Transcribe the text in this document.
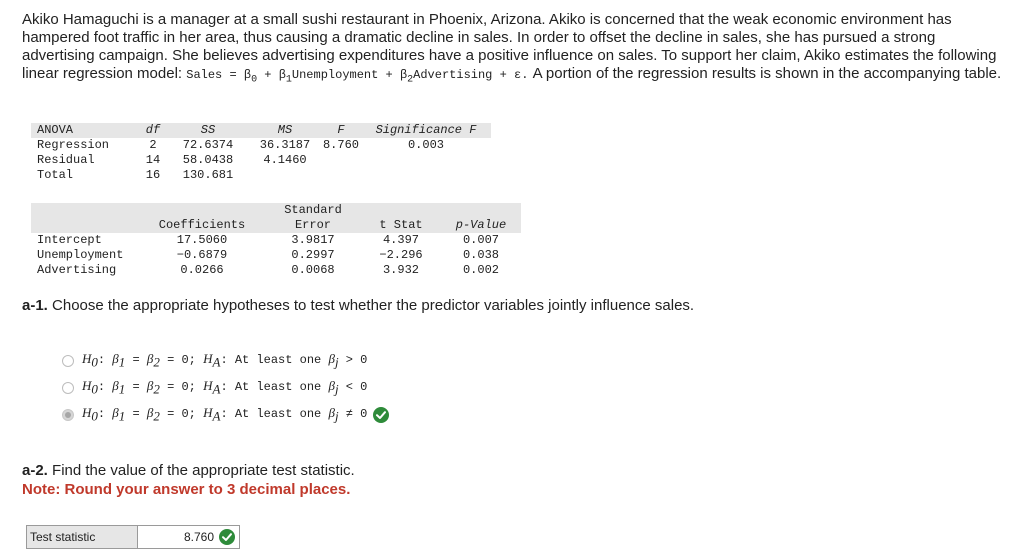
Akiko Hamaguchi is a manager at a small sushi restaurant in Phoenix, Arizona. Akiko is concerned that the weak economic environment has hampered foot traffic in her area, thus causing a dramatic decline in sales. In order to offset the decline in sales, she has pursued a strong advertising campaign. She believes advertising expenditures have a positive influence on sales. To support her claim, Akiko estimates the following linear regression model: Sales = $\beta_0$ + $\beta_1Unemployment$ + $\beta_2Advertising + \varepsilon$. A portion of the regression results is shown in the accompanying table.
ANOVA	df	SS	MS	F	Significance F
Regression	2	72.6374	36.3187	8.760	0.003
Residual	14	58.0438	4.1460		
Total	16	130.681			
		Standard		
	Coefficients	Error	t Stat	p-Value
Intercept	17.5060	3.9817	4.397	0.007
Unemployment	−0.6879	0.2997	−2.296	0.038
Advertising	0.0266	0.0068	3.932	0.002
a-1. Choose the appropriate hypotheses to test whether the predictor variables jointly influence sales.
$H_0$: $\beta_1 = \beta_2 = 0$; $H_A$: At least one $\beta_j > 0$
$H_0$: $\beta_1 = \beta_2 = 0$; $H_A$: At least one $\beta_j < 0$
$H_0$: $\beta_1 = \beta_2 = 0$; $H_A$: At least one $\beta_j \ne 0$
a-2. Find the value of the appropriate test statistic.
Note: Round your answer to 3 decimal places.
Test statistic	8.760
